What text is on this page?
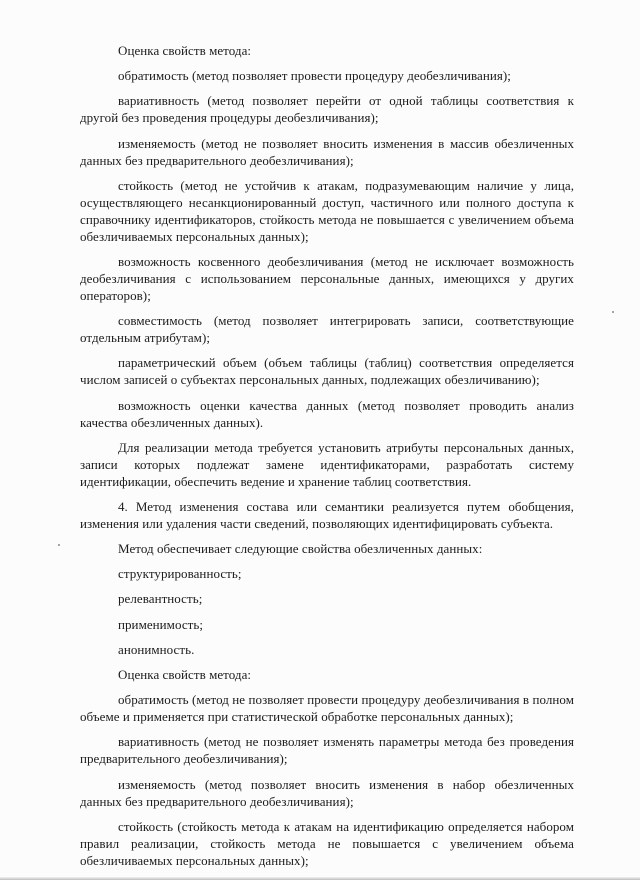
Оценка свойств метода:

обратимость (метод позволяет провести процедуру деобезличивания);

вариативность (метод позволяет перейти от одной таблицы соответствия к другой без проведения процедуры деобезличивания);

изменяемость (метод не позволяет вносить изменения в массив обезличенных данных без предварительного деобезличивания);

стойкость (метод не устойчив к атакам, подразумевающим наличие у лица, осуществляющего несанкционированный доступ, частичного или полного доступа к справочнику идентификаторов, стойкость метода не повышается с увеличением объема обезличиваемых персональных данных);

возможность косвенного деобезличивания (метод не исключает возможность деобезличивания с использованием персональные данных, имеющихся у других операторов);

совместимость (метод позволяет интегрировать записи, соответствующие отдельным атрибутам);

параметрический объем (объем таблицы (таблиц) соответствия определяется числом записей о субъектах персональных данных, подлежащих обезличиванию);

возможность оценки качества данных (метод позволяет проводить анализ качества обезличенных данных).

Для реализации метода требуется установить атрибуты персональных данных, записи которых подлежат замене идентификаторами, разработать систему идентификации, обеспечить ведение и хранение таблиц соответствия.

4. Метод изменения состава или семантики реализуется путем обобщения, изменения или удаления части сведений, позволяющих идентифицировать субъекта.

Метод обеспечивает следующие свойства обезличенных данных:

структурированность;

релевантность;

применимость;

анонимность.

Оценка свойств метода:

обратимость (метод не позволяет провести процедуру деобезличивания в полном объеме и применяется при статистической обработке персональных данных);

вариативность (метод не позволяет изменять параметры метода без проведения предварительного деобезличивания);

изменяемость (метод позволяет вносить изменения в набор обезличенных данных без предварительного деобезличивания);

стойкость (стойкость метода к атакам на идентификацию определяется набором правил реализации, стойкость метода не повышается с увеличением объема обезличиваемых персональных данных);
